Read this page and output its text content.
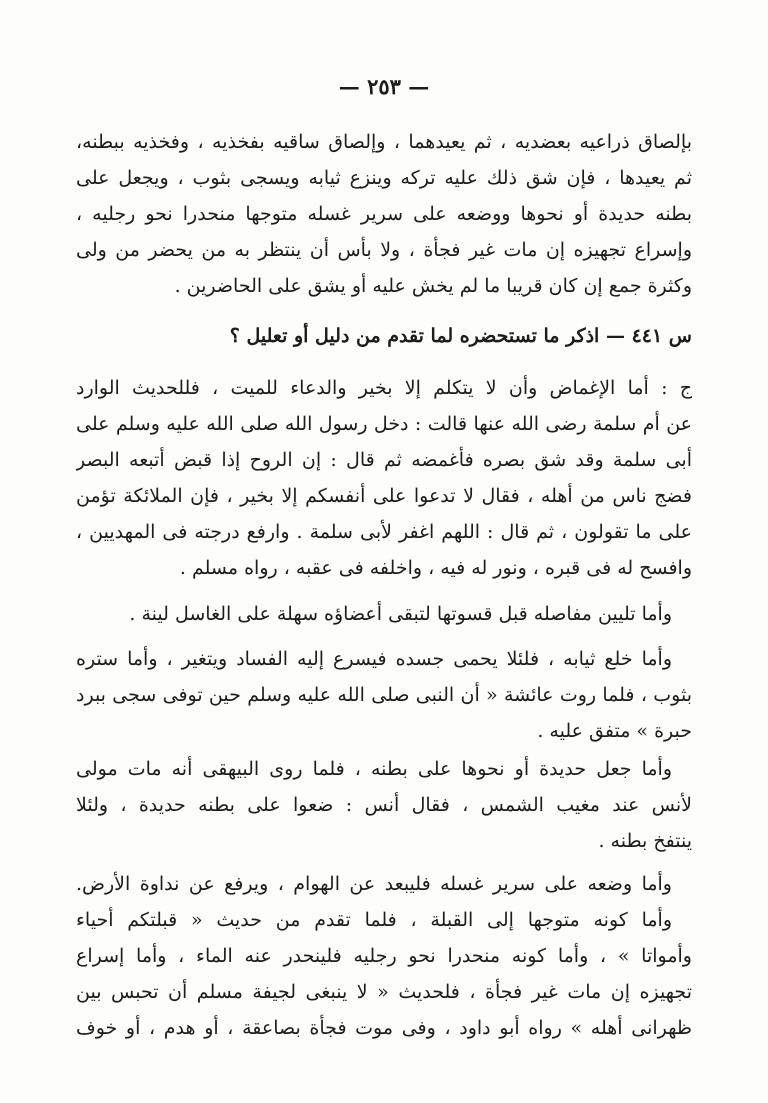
— ٢٥٣ —
بإلصاق ذراعيه بعضديه ، ثم يعيدهما ، وإلصاق ساقيه بفخذيه ، وفخذيه ببطنه،
ثم يعيدها ، فإن شق ذلك عليه تركه وينزع ثيابه ويسجى بثوب ، ويجعل على
بطنه حديدة أو نحوها ووضعه على سرير غسله متوجها منحدرا نحو رجليه ،
وإسراع تجهيزه إن مات غير فجأة ، ولا بأس أن ينتظر به من يحضر من ولى
وكثرة جمع إن كان قريبا ما لم يخش عليه أو يشق على الحاضرين .
س ٤٤١ — اذكر ما تستحضره لما تقدم من دليل أو تعليل ؟
ج : أما الإغماض وأن لا يتكلم إلا بخير والدعاء للميت ، فللحديث الوارد
عن أم سلمة رضى الله عنها قالت : دخل رسول الله صلى الله عليه وسلم على
أبى سلمة وقد شق بصره فأغمضه ثم قال : إن الروح إذا قبض أتبعه البصر
فضج ناس من أهله ، فقال لا تدعوا على أنفسكم إلا بخير ، فإن الملائكة تؤمن
على ما تقولون ، ثم قال : اللهم اغفر لأبى سلمة . وارفع درجته فى المهديين ،
وافسح له فى قبره ، ونور له فيه ، واخلفه فى عقبه ، رواه مسلم .
وأما تليين مفاصله قبل قسوتها لتبقى أعضاؤه سهلة على الغاسل لينة .
وأما خلع ثيابه ، فلئلا يحمى جسده فيسرع إليه الفساد ويتغير ، وأما ستره
بثوب ، فلما روت عائشة « أن النبى صلى الله عليه وسلم حين توفى سجى ببرد
حبرة » متفق عليه .
وأما جعل حديدة أو نحوها على بطنه ، فلما روى البيهقى أنه مات مولى
لأنس عند مغيب الشمس ، فقال أنس : ضعوا على بطنه حديدة ، ولئلا
ينتفخ بطنه .
وأما وضعه على سرير غسله فليبعد عن الهوام ، ويرفع عن نداوة الأرض.
وأما كونه متوجها إلى القبلة ، فلما تقدم من حديث « قبلتكم أحياء
وأمواتا » ، وأما كونه منحدرا نحو رجليه فلينحدر عنه الماء ، وأما إسراع
تجهيزه إن مات غير فجأة ، فلحديث « لا ينبغى لجيفة مسلم أن تحبس بين
ظهرانى أهله » رواه أبو داود ، وفى موت فجأة بصاعقة ، أو هدم ، أو خوف
